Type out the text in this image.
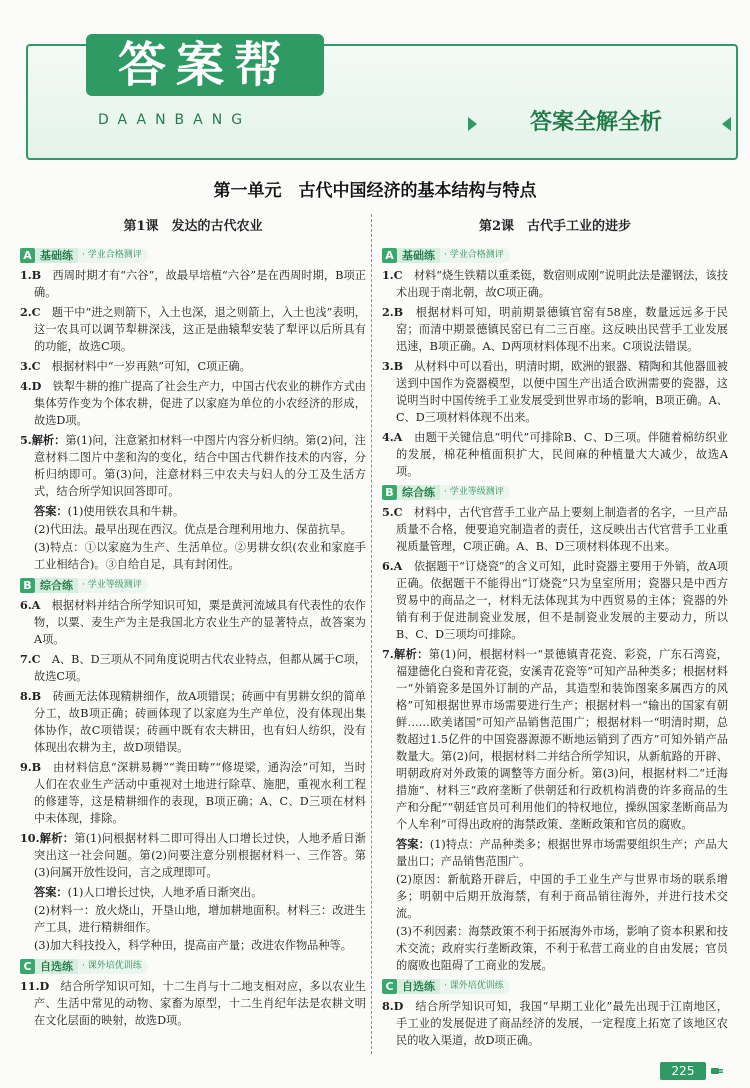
答案帮
DAANBANG	答案全解全析
第一单元　古代中国经济的基本结构与特点
第1课　发达的古代农业
A 基础练	· 学业合格测评
1.B　 西周时期才有“六谷”，故最早培植“六谷”是在西周时期，B项正确。
2.C　 题干中“进之则箭下，入土也深，退之则箭上，入土也浅”表明，这一农具可以调节犁耕深浅，这正是曲辕犁安装了犁评以后所具有的功能，故选C项。
3.C　 根据材料中“一岁再熟”可知，C项正确。
4.D　 铁犁牛耕的推广提高了社会生产力，中国古代农业的耕作方式由集体劳作变为个体农耕，促进了以家庭为单位的小农经济的形成，故选D项。
5.解析：第(1)问，注意紧扣材料一中图片内容分析归纳。第(2)问，注意材料二图片中垄和沟的变化，结合中国古代耕作技术的内容，分析归纳即可。第(3)问，注意材料三中农夫与妇人的分工及生活方式，结合所学知识回答即可。
答案：(1)使用铁农具和牛耕。
(2)代田法。最早出现在西汉。优点是合理利用地力、保苗抗旱。
(3)特点：①以家庭为生产、生活单位。②男耕女织(农业和家庭手工业相结合)。③自给自足，具有封闭性。
B 综合练	· 学业等级测评
6.A　 根据材料并结合所学知识可知，粟是黄河流域具有代表性的农作物，以粟、麦生产为主是我国北方农业生产的显著特点，故答案为A项。
7.C　 A、B、D三项从不同角度说明古代农业特点，但都从属于C项，故选C项。
8.B　 砖画无法体现精耕细作，故A项错误；砖画中有男耕女织的简单分工，故B项正确；砖画体现了以家庭为生产单位，没有体现出集体协作，故C项错误；砖画中既有农夫耕田，也有妇人纺织，没有体现出农耕为主，故D项错误。
9.B　 由材料信息“深耕易耨”“粪田畴”“修堤梁，通沟浍”可知，当时人们在农业生产活动中重视对土地进行除草、施肥，重视水利工程的修建等，这是精耕细作的表现，B项正确；A、C、D三项在材料中未体现，排除。
10.解析：第(1)问根据材料二即可得出人口增长过快，人地矛盾日渐突出这一社会问题。第(2)问要注意分别根据材料一、三作答。第(3)问属开放性设问，言之成理即可。
答案：(1)人口增长过快，人地矛盾日渐突出。
(2)材料一：放火烧山，开垦山地，增加耕地面积。材料三：改进生产工具，进行精耕细作。
(3)加大科技投入，科学种田，提高亩产量；改进农作物品种等。
C 自选练	· 课外培优训练
11.D　 结合所学知识可知，十二生肖与十二地支相对应，多以农业生产、生活中常见的动物、家畜为原型，十二生肖纪年法是农耕文明在文化层面的映射，故选D项。
第2课　古代手工业的进步
A 基础练	· 学业合格测评
1.C　 材料“烧生铁精以重柔铤，数宿则成刚”说明此法是灌钢法，该技术出现于南北朝，故C项正确。
2.B　 根据材料可知，明前期景德镇官窑有58座，数量远远多于民窑；而清中期景德镇民窑已有二三百座。这反映出民营手工业发展迅速，B项正确。A、D两项材料体现不出来。C项说法错误。
3.B　 从材料中可以看出，明清时期，欧洲的银器、精陶和其他器皿被送到中国作为瓷器模型，以便中国生产出适合欧洲需要的瓷器，这说明当时中国传统手工业发展受到世界市场的影响，B项正确。A、C、D三项材料体现不出来。
4.A　 由题干关键信息“明代”可排除B、C、D三项。伴随着棉纺织业的发展，棉花种植面积扩大，民间麻的种植量大大减少，故选A项。
B 综合练	· 学业等级测评
5.C　 材料中，古代官营手工业产品上要刻上制造者的名字，一旦产品质量不合格，便要追究制造者的责任，这反映出古代官营手工业重视质量管理，C项正确。A、B、D三项材料体现不出来。
6.A　 依据题干“订烧瓷”的含义可知，此时瓷器主要用于外销，故A项正确。依据题干不能得出“订烧瓷”只为皇室所用；瓷器只是中西方贸易中的商品之一，材料无法体现其为中西贸易的主体；瓷器的外销有利于促进制瓷业发展，但不是制瓷业发展的主要动力，所以B、C、D三项均可排除。
7.解析：第(1)问，根据材料一“景德镇青花瓷、彩瓷，广东石湾瓷，福建德化白瓷和青花瓷，安溪青花瓷等”可知产品种类多；根据材料一“外销瓷多是国外订制的产品，其造型和装饰图案多属西方的风格”可知根据世界市场需要进行生产；根据材料一“输出的国家有朝鲜……欧美诸国”可知产品销售范围广；根据材料一“明清时期，总数超过1.5亿件的中国瓷器源源不断地运销到了西方”可知外销产品数量大。第(2)问，根据材料二并结合所学知识，从新航路的开辟、明朝政府对外政策的调整等方面分析。第(3)问，根据材料二“迁海措施”、材料三“政府垄断了供朝廷和行政机构消费的许多商品的生产和分配”“朝廷官员可利用他们的特权地位，操纵国家垄断商品为个人牟利”可得出政府的海禁政策、垄断政策和官员的腐败。
答案：(1)特点：产品种类多；根据世界市场需要组织生产；产品大量出口；产品销售范围广。
(2)原因：新航路开辟后，中国的手工业生产与世界市场的联系增多；明朝中后期开放海禁，有利于商品销往海外，并进行技术交流。
(3)不利因素：海禁政策不利于拓展海外市场，影响了资本积累和技术交流；政府实行垄断政策，不利于私营工商业的自由发展；官员的腐败也阻碍了工商业的发展。
C 自选练	· 课外培优训练
8.D　 结合所学知识可知，我国“早期工业化”最先出现于江南地区，手工业的发展促进了商品经济的发展，一定程度上拓宽了该地区农民的收入渠道，故D项正确。
225
